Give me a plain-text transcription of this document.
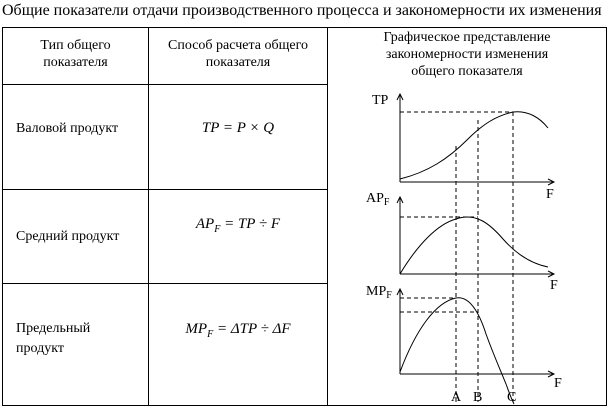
Общие показатели отдачи производственного процесса и закономерности их изменения
Тип общего
показателя
Способ расчета общего
показателя
Графическое представление
закономерности изменения
общего показателя
Валовой продукт	TP = P × Q
Средний продукт
$AP_F$ = TP ÷ F
Предельный
продукт
$MP_F = \Delta TP \div \Delta F$
TP
F
$AP_F$
F
$MP_F$
F
A B C
